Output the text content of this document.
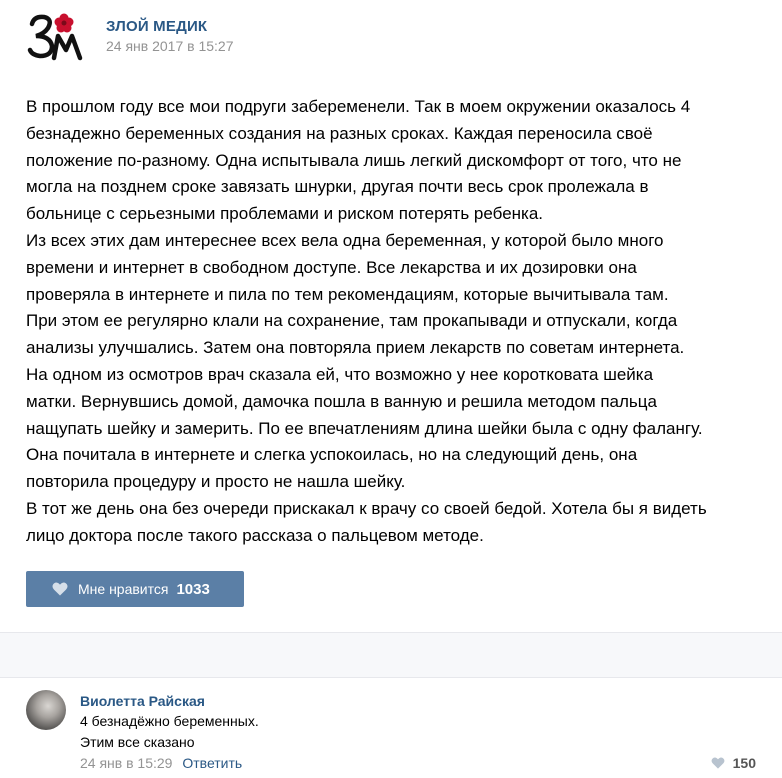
ЗЛОЙ МЕДИК
24 янв 2017 в 15:27

В прошлом году все мои подруги забеременели. Так в моем окружении оказалось 4

безнадежно беременных создания на разных сроках. Каждая переносила своё

положение по-разному. Одна испытывала лишь легкий дискомфорт от того, что не

могла на позднем сроке завязать шнурки, другая почти весь срок пролежала в

больнице с серьезными проблемами и риском потерять ребенка.

Из всех этих дам интереснее всех вела одна беременная, у которой было много

времени и интернет в свободном доступе. Все лекарства и их дозировки она

проверяла в интернете и пила по тем рекомендациям, которые вычитывала там.

При этом ее регулярно клали на сохранение, там прокапывади и отпускали, когда

анализы улучшались. Затем она повторяла прием лекарств по советам интернета.

На одном из осмотров врач сказала ей, что возможно у нее коротковата шейка

матки. Вернувшись домой, дамочка пошла в ванную и решила методом пальца

нащупать шейку и замерить. По ее впечатлениям длина шейки была с одну фалангу.

Она почитала в интернете и слегка успокоилась, но на следующий день, она

повторила процедуру и просто не нашла шейку.

В тот же день она без очереди прискакал к врачу со своей бедой. Хотела бы я видеть

лицо доктора после такого рассказа о пальцевом методе.

Мне нравится 1033
Виолетта Райская
4 безнадёжно беременных.
Этим все сказано
24 янв в 15:29 Ответить	150
